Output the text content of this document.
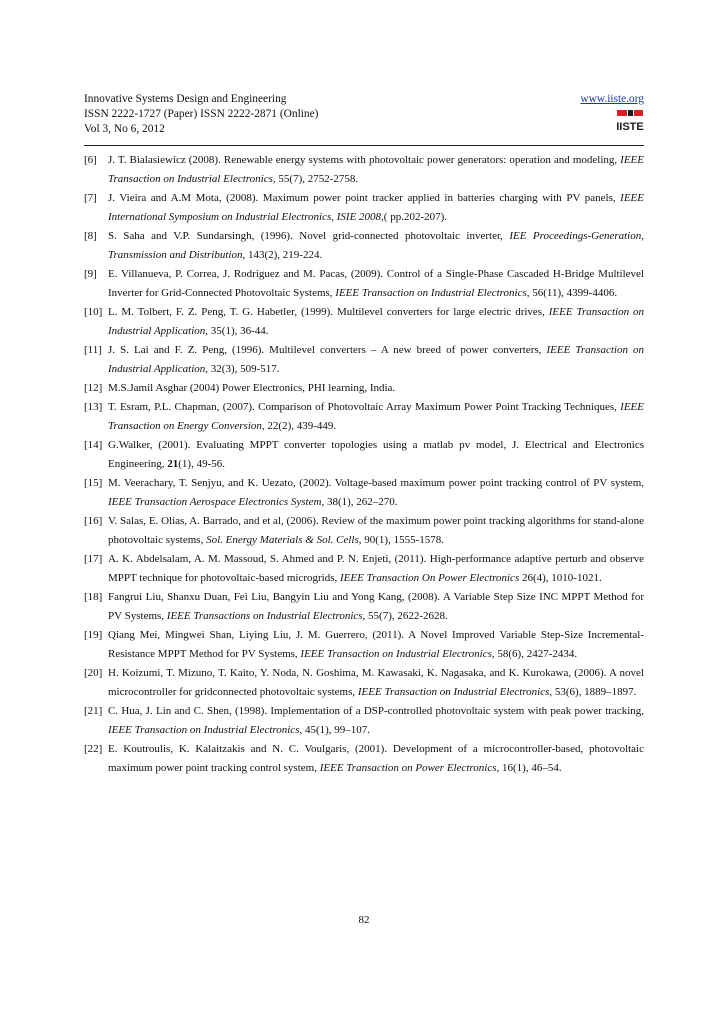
Innovative Systems Design and Engineering
ISSN 2222-1727 (Paper) ISSN 2222-2871 (Online)
Vol 3, No 6, 2012
www.iiste.org
IISTE
[6] J. T. Bialasiewicz (2008). Renewable energy systems with photovoltaic power generators: operation and modeling, IEEE Transaction on Industrial Electronics, 55(7), 2752-2758.
[7] J. Vieira and A.M Mota, (2008). Maximum power point tracker applied in batteries charging with PV panels, IEEE International Symposium on Industrial Electronics, ISIE 2008,( pp.202-207).
[8] S. Saha and V.P. Sundarsingh, (1996). Novel grid-connected photovoltaic inverter, IEE Proceedings-Generation, Transmission and Distribution, 143(2), 219-224.
[9] E. Villanueva, P. Correa, J. Rodriguez and M. Pacas, (2009). Control of a Single-Phase Cascaded H-Bridge Multilevel Inverter for Grid-Connected Photovoltaic Systems, IEEE Transaction on Industrial Electronics, 56(11), 4399-4406.
[10] L. M. Tolbert, F. Z. Peng, T. G. Habetler, (1999). Multilevel converters for large electric drives, IEEE Transaction on Industrial Application, 35(1), 36-44.
[11] J. S. Lai and F. Z. Peng, (1996). Multilevel converters – A new breed of power converters, IEEE Transaction on Industrial Application, 32(3), 509-517.
[12] M.S.Jamil Asghar (2004) Power Electronics, PHI learning, India.
[13] T. Esram, P.L. Chapman, (2007). Comparison of Photovoltaic Array Maximum Power Point Tracking Techniques, IEEE Transaction on Energy Conversion, 22(2), 439-449.
[14] G.Walker, (2001). Evaluating MPPT converter topologies using a matlab pv model, J. Electrical and Electronics Engineering, 21(1), 49-56.
[15] M. Veerachary, T. Senjyu, and K. Uezato, (2002). Voltage-based maximum power point tracking control of PV system, IEEE Transaction Aerospace Electronics System, 38(1), 262–270.
[16] V. Salas, E. Olias, A. Barrado, and et al, (2006). Review of the maximum power point tracking algorithms for stand-alone photovoltaic systems, Sol. Energy Materials & Sol. Cells, 90(1), 1555-1578.
[17] A. K. Abdelsalam, A. M. Massoud, S. Ahmed and P. N. Enjeti, (2011). High-performance adaptive perturb and observe MPPT technique for photovoltaic-based microgrids, IEEE Transaction On Power Electronics 26(4), 1010-1021.
[18] Fangrui Liu, Shanxu Duan, Fei Liu, Bangyin Liu and Yong Kang, (2008). A Variable Step Size INC MPPT Method for PV Systems, IEEE Transactions on Industrial Electronics, 55(7), 2622-2628.
[19] Qiang Mei, Mingwei Shan, Liying Liu, J. M. Guerrero, (2011). A Novel Improved Variable Step-Size Incremental-Resistance MPPT Method for PV Systems, IEEE Transaction on Industrial Electronics, 58(6), 2427-2434.
[20] H. Koizumi, T. Mizuno, T. Kaito, Y. Noda, N. Goshima, M. Kawasaki, K. Nagasaka, and K. Kurokawa, (2006). A novel microcontroller for gridconnected photovoltaic systems, IEEE Transaction on Industrial Electronics, 53(6), 1889–1897.
[21] C. Hua, J. Lin and C. Shen, (1998). Implementation of a DSP-controlled photovoltaic system with peak power tracking, IEEE Transaction on Industrial Electronics, 45(1), 99–107.
[22] E. Koutroulis, K. Kalaitzakis and N. C. Voulgaris, (2001). Development of a microcontroller-based, photovoltaic maximum power point tracking control system, IEEE Transaction on Power Electronics, 16(1), 46–54.
82
